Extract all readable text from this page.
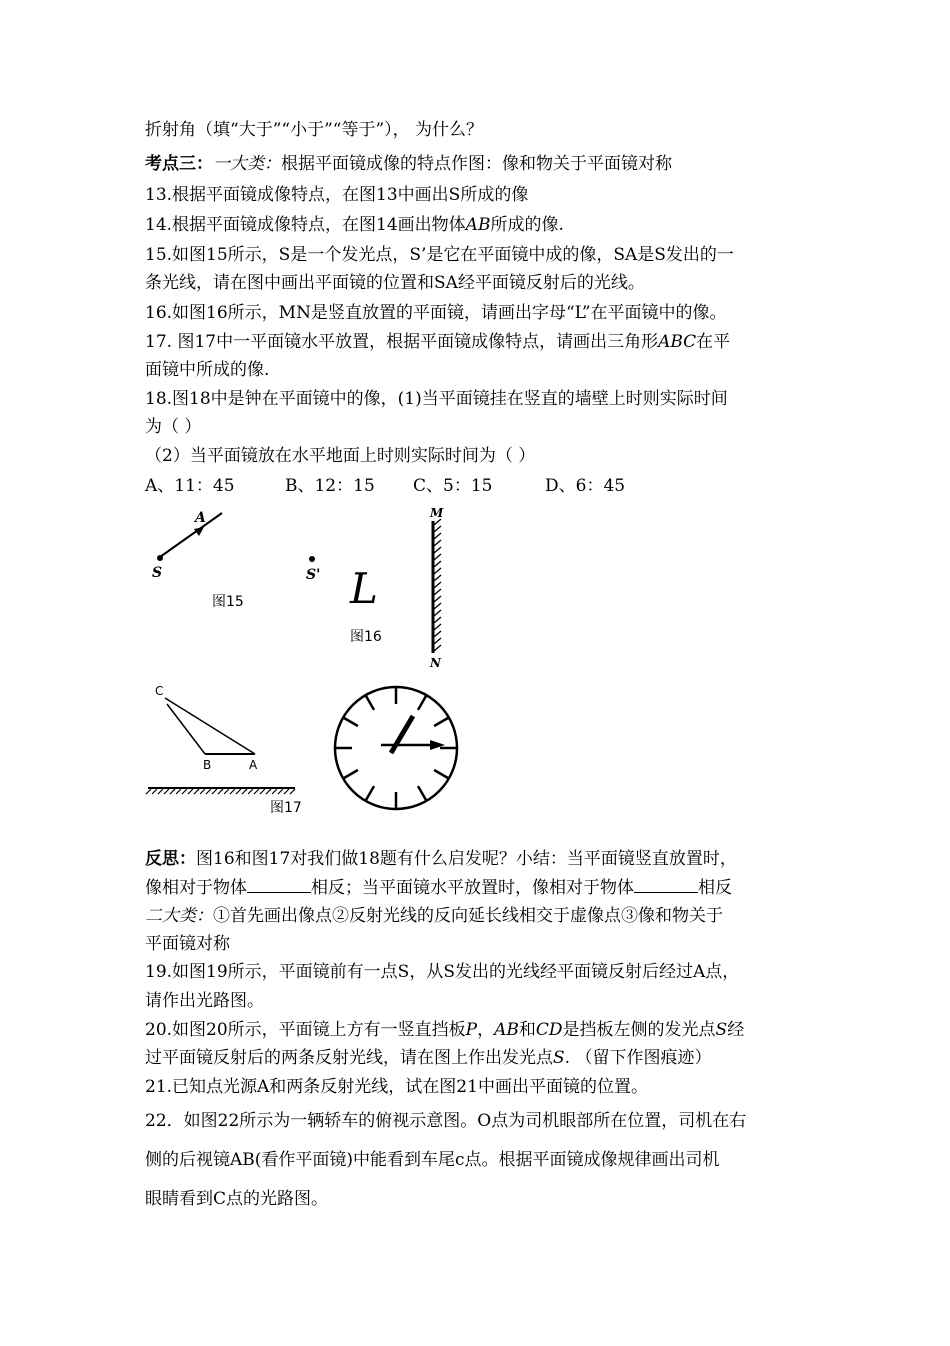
折射角（填“大于”“小于”“等于”）， 为什么？
考点三：一大类：根据平面镜成像的特点作图：像和物关于平面镜对称
13.根据平面镜成像特点，在图13中画出S所成的像
14.根据平面镜成像特点，在图14画出物体AB所成的像.
15.如图15所示，S是一个发光点，S’是它在平面镜中成的像，SA是S发出的一
条光线，请在图中画出平面镜的位置和SA经平面镜反射后的光线。
16.如图16所示，MN是竖直放置的平面镜，请画出字母“L”在平面镜中的像。
17. 图17中一平面镜水平放置，根据平面镜成像特点，请画出三角形ABC在平
面镜中所成的像.
18.图18中是钟在平面镜中的像，(1)当平面镜挂在竖直的墙壁上时则实际时间
为（ ）
（2）当平面镜放在水平地面上时则实际时间为（ ）
A、11：45	B、12：15 C、5：15	D、6：45
S
A
图15
S' L
M
N
图16
C
B	A
图17
反思：图16和图17对我们做18题有什么启发呢？小结：当平面镜竖直放置时，
像相对于物体	相反；当平面镜水平放置时，像相对于物体	相反
二大类：①首先画出像点②反射光线的反向延长线相交于虚像点③像和物关于
平面镜对称
19.如图19所示，平面镜前有一点S，从S发出的光线经平面镜反射后经过A点，
请作出光路图。
20.如图20所示，平面镜上方有一竖直挡板P，AB和CD是挡板左侧的发光点S经
过平面镜反射后的两条反射光线，请在图上作出发光点S. （留下作图痕迹）
21.已知点光源A和两条反射光线，试在图21中画出平面镜的位置。
22．如图22所示为一辆轿车的俯视示意图。O点为司机眼部所在位置，司机在右
侧的后视镜AB(看作平面镜)中能看到车尾c点。根据平面镜成像规律画出司机
眼睛看到C点的光路图。
